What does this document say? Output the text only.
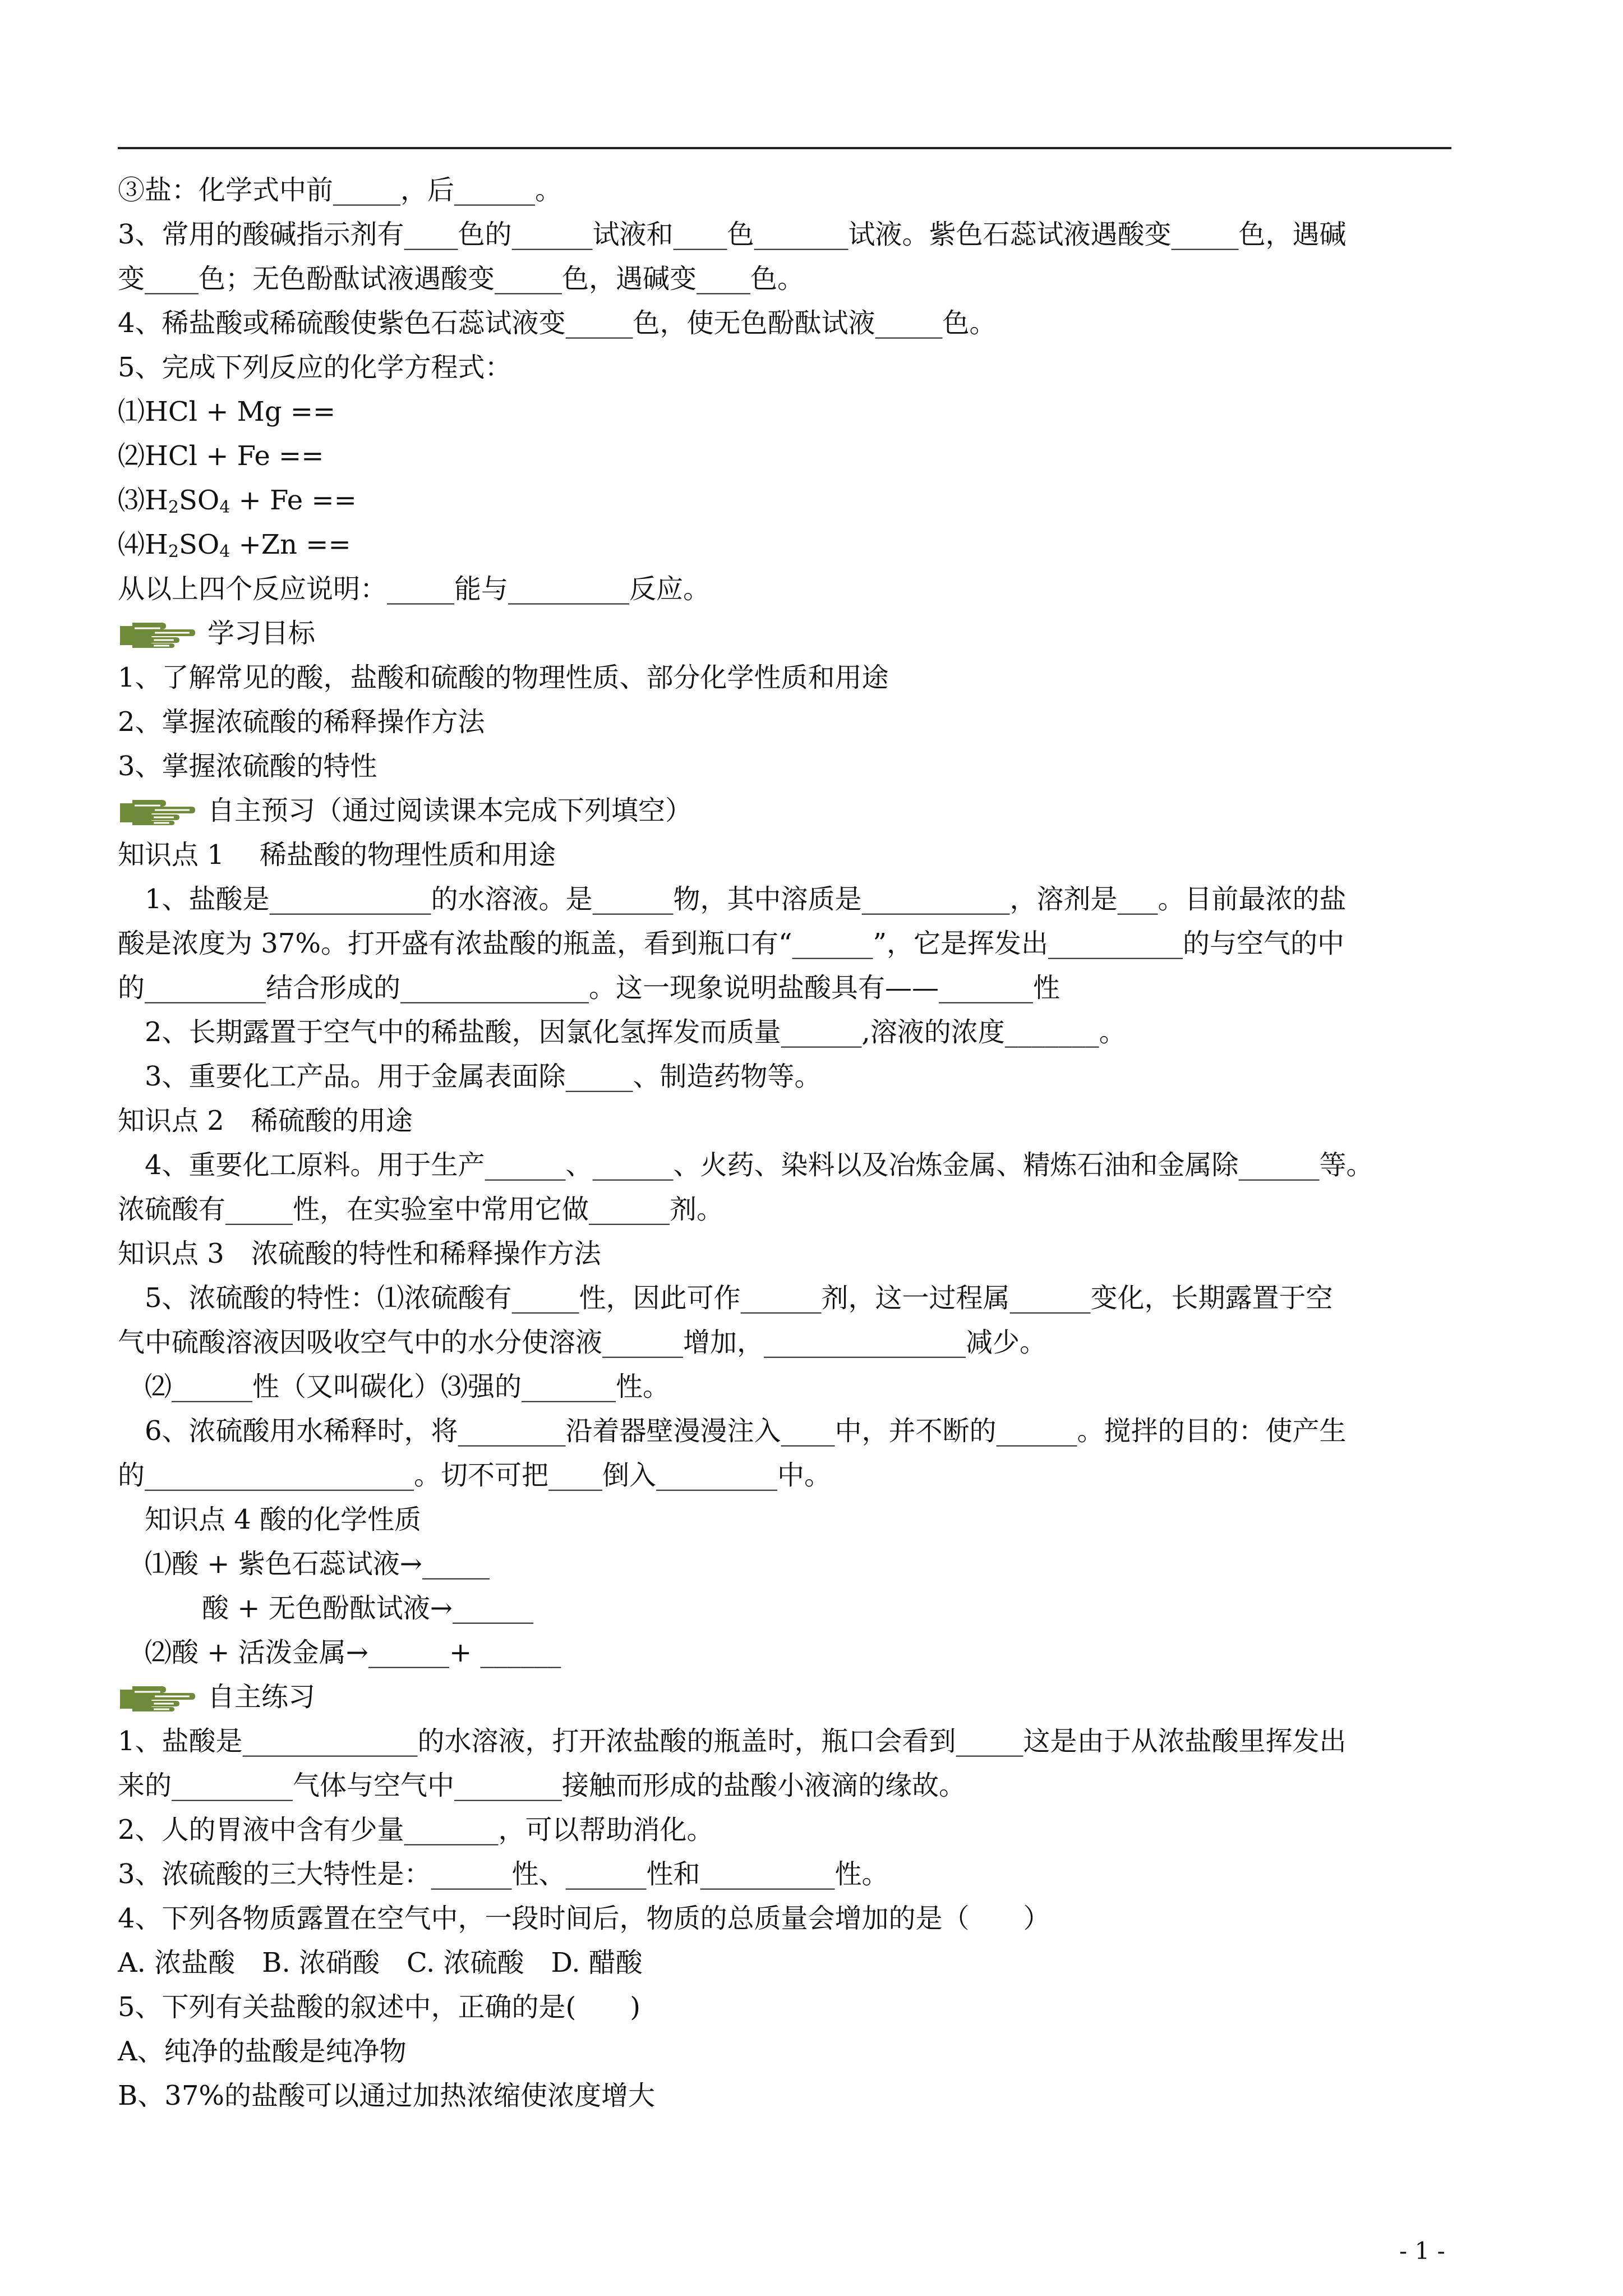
③盐：化学式中前_____，后______。
3、常用的酸碱指示剂有____色的______试液和____色_______试液。紫色石蕊试液遇酸变_____色，遇碱
变____色；无色酚酞试液遇酸变_____色，遇碱变____色。
4、稀盐酸或稀硫酸使紫色石蕊试液变_____色，使无色酚酞试液_____色。
5、完成下列反应的化学方程式：
⑴HCl + Mg ==
⑵HCl + Fe ==
$⑶H_2SO_4 + Fe$ ==
$⑷H_2SO_4 +Zn$ ==
从以上四个反应说明：_____能与_________反应。
学习目标
1、了解常见的酸，盐酸和硫酸的物理性质、部分化学性质和用途
2、掌握浓硫酸的稀释操作方法
3、掌握浓硫酸的特性
自主预习（通过阅读课本完成下列填空）
知识点 1　 稀盐酸的物理性质和用途
1、盐酸是____________的水溶液。是______物，其中溶质是___________，溶剂是___。目前最浓的盐
酸是浓度为 37%。打开盛有浓盐酸的瓶盖，看到瓶口有“______”，它是挥发出__________的与空气的中
的_________结合形成的______________。这一现象说明盐酸具有——_______性
2、长期露置于空气中的稀盐酸，因氯化氢挥发而质量______,溶液的浓度_______。
3、重要化工产品。用于金属表面除_____、制造药物等。
知识点 2　稀硫酸的用途
4、重要化工原料。用于生产______、______、火药、染料以及冶炼金属、精炼石油和金属除______等。
浓硫酸有_____性，在实验室中常用它做______剂。
知识点 3　浓硫酸的特性和稀释操作方法
5、浓硫酸的特性：⑴浓硫酸有_____性，因此可作______剂，这一过程属______变化，长期露置于空
气中硫酸溶液因吸收空气中的水分使溶液______增加，_______________减少。
⑵______性（又叫碳化）⑶强的_______性。
6、浓硫酸用水稀释时，将________沿着器壁漫漫注入____中，并不断的______。搅拌的目的：使产生
的____________________。切不可把____倒入_________中。
知识点 4 酸的化学性质
⑴酸 + 紫色石蕊试液→_____
酸 + 无色酚酞试液→______
⑵酸 + 活泼金属→______+ ______
自主练习
1、盐酸是_____________的水溶液，打开浓盐酸的瓶盖时，瓶口会看到_____这是由于从浓盐酸里挥发出
来的_________气体与空气中________接触而形成的盐酸小液滴的缘故。
2、人的胃液中含有少量_______，可以帮助消化。
3、浓硫酸的三大特性是：______性、______性和__________性。
4、下列各物质露置在空气中，一段时间后，物质的总质量会增加的是（　　）
A. 浓盐酸　B. 浓硝酸　C. 浓硫酸　D. 醋酸
5、下列有关盐酸的叙述中，正确的是(　　)
A、纯净的盐酸是纯净物
B、37%的盐酸可以通过加热浓缩使浓度增大
- 1 -
